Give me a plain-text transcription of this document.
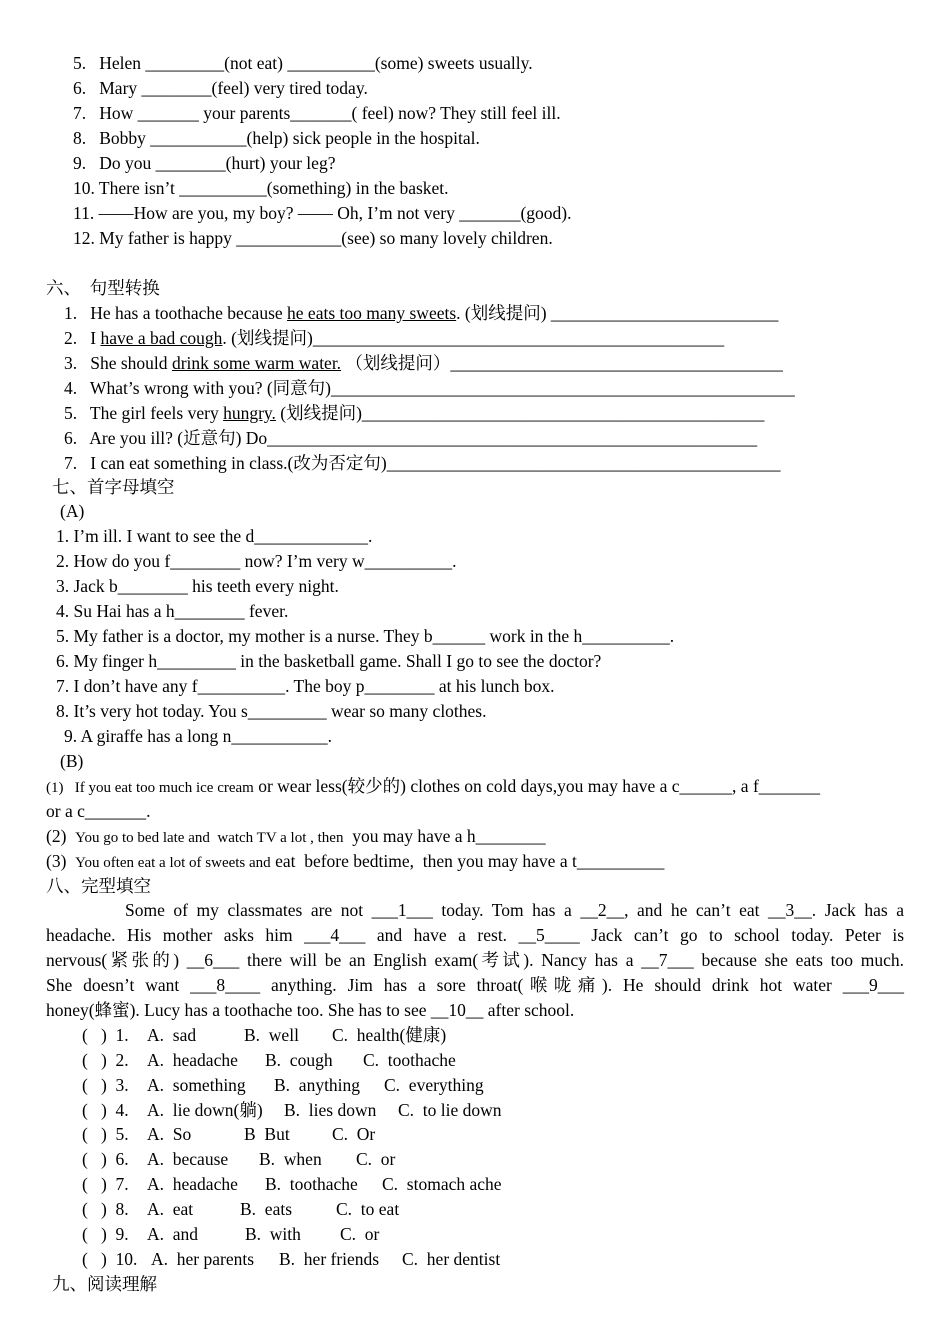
5.   Helen _________(not eat) __________(some) sweets usually.
6.   Mary ________(feel) very tired today.
7.   How _______ your parents_______( feel) now? They still feel ill.
8.   Bobby ___________(help) sick people in the hospital.
9.   Do you ________(hurt) your leg?
10. There isn’t __________(something) in the basket.
11. ——How are you, my boy? —— Oh, I’m not very _______(good).
12. My father is happy ____________(see) so many lovely children.
六、  句型转换
1.   He has a toothache because he eats too many sweets. (划线提问) __________________________
2.   I have a bad cough. (划线提问)_______________________________________________
3.   She should drink some warm water. （划线提问）______________________________________
4.   What’s wrong with you? (同意句)_____________________________________________________
5.   The girl feels very hungry. (划线提问)______________________________________________
6.   Are you ill? (近意句) Do________________________________________________________
7.   I can eat something in class.(改为否定句)_____________________________________________
七、首字母填空
(A)
1. I’m ill. I want to see the d_____________.
2. How do you f________ now? I’m very w__________.
3. Jack b________ his teeth every night.
4. Su Hai has a h________ fever.
5. My father is a doctor, my mother is a nurse. They b______ work in the h__________.
6. My finger h_________ in the basketball game. Shall I go to see the doctor?
7. I don’t have any f__________. The boy p________ at his lunch box.
8. It’s very hot today. You s_________ wear so many clothes.
9. A giraffe has a long n___________.
(B)
(1) If you eat too much ice cream or wear less(较少的) clothes on cold days,you may have a c______, a f_______
or a c_______.
(2) You go to bed late and  watch TV a lot , then  you may have a h________
(3) You often eat a lot of sweets and eat  before bedtime,  then you may have a t__________
八、完型填空
Some of my classmates are not ___1___ today. Tom has a __2__, and he can’t eat __3__. Jack has a
headache. His mother asks him ___4___ and have a rest. __5____ Jack can’t go to school today. Peter is
nervous(紧张的) __6___ there will be an English exam(考试). Nancy has a __7___ because she eats too much.
She doesn’t want ___8____ anything. Jim has a sore throat(喉咙痛). He should drink hot water ___9___
honey(蜂蜜). Lucy has a toothache too. She has to see __10__ after school.
(   )  1. A.  sad	B.  well C.  health(健康)
(   )  2. A.  headache B.  cough C.  toothache
(   )  3. A.  something B.  anything C.  everything
(   )  4. A.  lie down(躺) B.  lies down C.  to lie down
(   )  5. A.  So	B  But C.  Or
(   )  6. A.  because B.  when C.  or
(   )  7. A.  headache B.  toothache C.  stomach ache
(   )  8. A.  eat	B.  eats	C.  to eat
(   )  9. A.  and	B.  with C.  or
(   )  10. A.  her parents B.  her friends C.  her dentist
九、阅读理解
